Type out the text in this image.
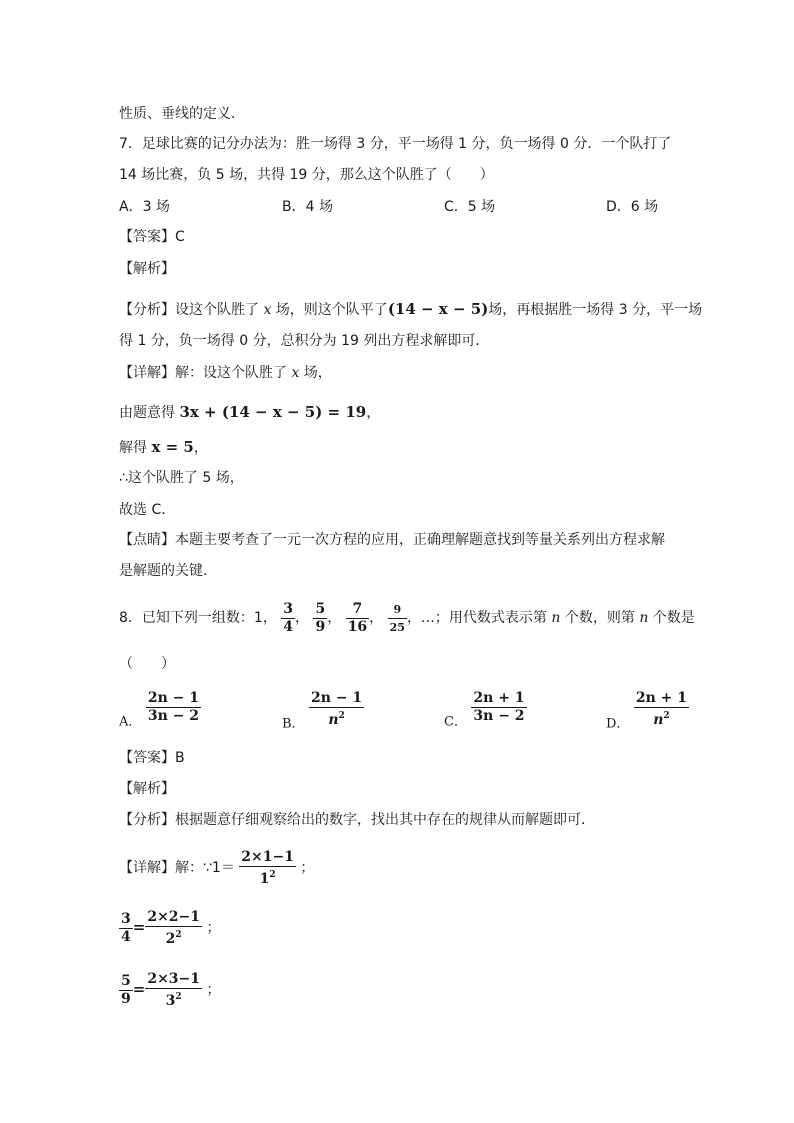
性质、垂线的定义．
7．足球比赛的记分办法为：胜一场得 3 分，平一场得 1 分，负一场得 0 分．一个队打了
14 场比赛，负 5 场，共得 19 分，那么这个队胜了（　　）
A．3 场	B．4 场	C．5 场	D．6 场
【答案】C
【解析】
【分析】设这个队胜了 x 场，则这个队平了(14 − x − 5)场，再根据胜一场得 3 分，平一场
得 1 分，负一场得 0 分，总积分为 19 列出方程求解即可．
【详解】解：设这个队胜了 x 场，
由题意得 3x + (14 − x − 5) = 19，
解得 x = 5，
∴这个队胜了 5 场，
故选 C．
【点睛】本题主要考查了一元一次方程的应用，正确理解题意找到等量关系列出方程求解
是解题的关键．
8．已知下列一组数：1， $\frac{3}{4}$ ， $\frac{5}{9}$ ， $\frac{7}{16}$ ， $\frac{9}{25}$ ，…；用代数式表示第 n 个数，则第 n 个数是
（　　）
A． $\frac{2n - 1}{3n - 2}$	B． $\frac{2n - 1}{n^2}$	C． $\frac{2n + 1}{3n - 2}$	D． $\frac{2n + 1}{n^2}$
【答案】B
【解析】
【分析】根据题意仔细观察给出的数字，找出其中存在的规律从而解题即可．
【详解】解：∵1＝ $\frac{2\times 1-1}{1^2}$ ；
$\frac{3}{4} = \frac{2\times 2-1}{2^2}$ ；
$\frac{5}{9} = \frac{2\times 3-1}{3^2}$ ；
